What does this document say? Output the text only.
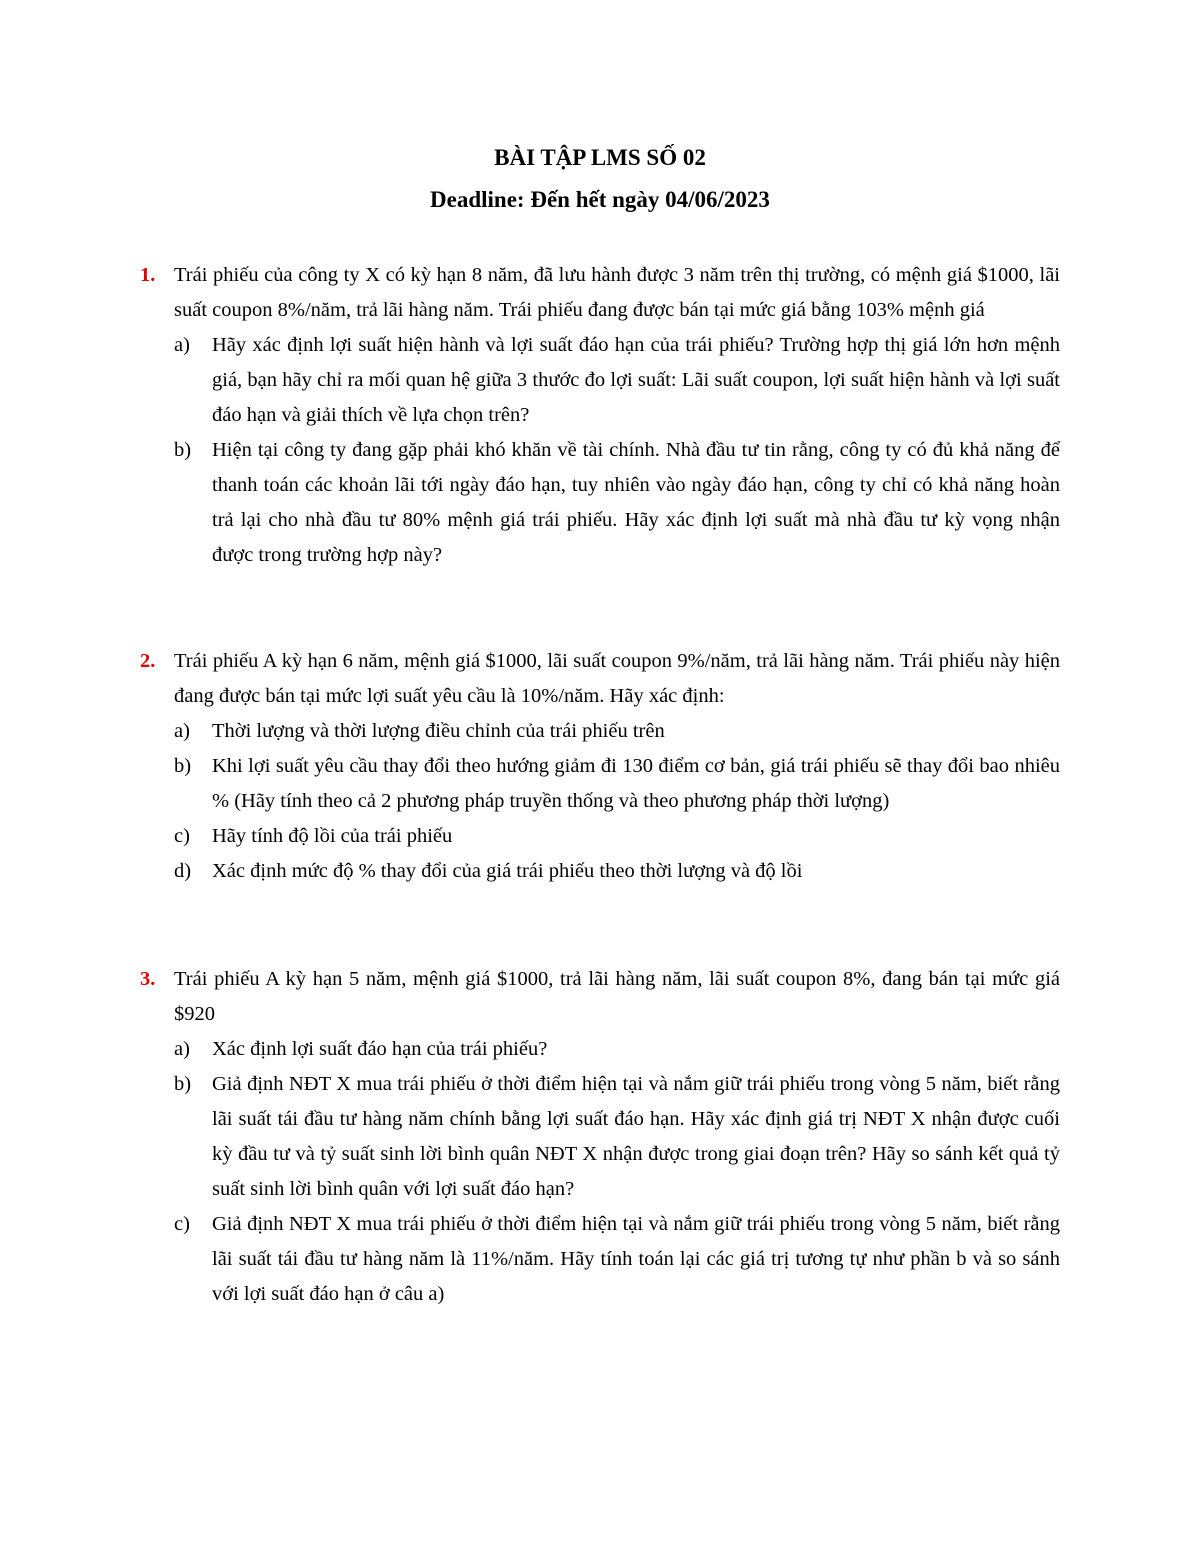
BÀI TẬP LMS SỐ 02
Deadline: Đến hết ngày 04/06/2023
1. Trái phiếu của công ty X có kỳ hạn 8 năm, đã lưu hành được 3 năm trên thị trường, có mệnh giá $1000, lãi suất coupon 8%/năm, trả lãi hàng năm. Trái phiếu đang được bán tại mức giá bằng 103% mệnh giá
a) Hãy xác định lợi suất hiện hành và lợi suất đáo hạn của trái phiếu? Trường hợp thị giá lớn hơn mệnh giá, bạn hãy chỉ ra mối quan hệ giữa 3 thước đo lợi suất: Lãi suất coupon, lợi suất hiện hành và lợi suất đáo hạn và giải thích về lựa chọn trên?
b) Hiện tại công ty đang gặp phải khó khăn về tài chính. Nhà đầu tư tin rằng, công ty có đủ khả năng để thanh toán các khoản lãi tới ngày đáo hạn, tuy nhiên vào ngày đáo hạn, công ty chỉ có khả năng hoàn trả lại cho nhà đầu tư 80% mệnh giá trái phiếu. Hãy xác định lợi suất mà nhà đầu tư kỳ vọng nhận được trong trường hợp này?
2. Trái phiếu A kỳ hạn 6 năm, mệnh giá $1000, lãi suất coupon 9%/năm, trả lãi hàng năm. Trái phiếu này hiện đang được bán tại mức lợi suất yêu cầu là 10%/năm. Hãy xác định:
a) Thời lượng và thời lượng điều chỉnh của trái phiếu trên
b) Khi lợi suất yêu cầu thay đổi theo hướng giảm đi 130 điểm cơ bản, giá trái phiếu sẽ thay đổi bao nhiêu % (Hãy tính theo cả 2 phương pháp truyền thống và theo phương pháp thời lượng)
c) Hãy tính độ lồi của trái phiếu
d) Xác định mức độ % thay đổi của giá trái phiếu theo thời lượng và độ lồi
3. Trái phiếu A kỳ hạn 5 năm, mệnh giá $1000, trả lãi hàng năm, lãi suất coupon 8%, đang bán tại mức giá $920
a) Xác định lợi suất đáo hạn của trái phiếu?
b) Giả định NĐT X mua trái phiếu ở thời điểm hiện tại và nắm giữ trái phiếu trong vòng 5 năm, biết rằng lãi suất tái đầu tư hàng năm chính bằng lợi suất đáo hạn. Hãy xác định giá trị NĐT X nhận được cuối kỳ đầu tư và tỷ suất sinh lời bình quân NĐT X nhận được trong giai đoạn trên? Hãy so sánh kết quả tỷ suất sinh lời bình quân với lợi suất đáo hạn?
c) Giả định NĐT X mua trái phiếu ở thời điểm hiện tại và nắm giữ trái phiếu trong vòng 5 năm, biết rằng lãi suất tái đầu tư hàng năm là 11%/năm. Hãy tính toán lại các giá trị tương tự như phần b và so sánh với lợi suất đáo hạn ở câu a)
